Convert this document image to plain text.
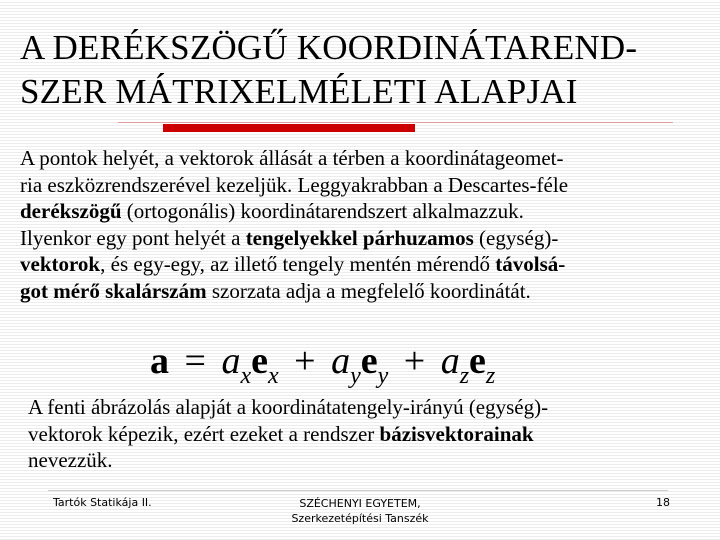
A DERÉKSZÖGŰ KOORDINÁTAREND-
SZER MÁTRIXELMÉLETI ALAPJAI
A pontok helyét, a vektorok állását a térben a koordinátageomet-
ria eszközrendszerével kezeljük. Leggyakrabban a Descartes-féle
derékszögű (ortogonális) koordinátarendszert alkalmazzuk.
Ilyenkor egy pont helyét a tengelyekkel párhuzamos (egység)-
vektorok, és egy-egy, az illető tengely mentén mérendő távolsá-
got mérő skalárszám szorzata adja a megfelelő koordinátát.
$a = a_xe_x + a_ye_y + a_ze_z$
A fenti ábrázolás alapját a koordinátatengely-irányú (egység)-
vektorok képezik, ezért ezeket a rendszer bázisvektorainak
nevezzük.
Tartók Statikája II.	SZÉCHENYI EGYETEM,
Szerkezetépítési Tanszék
18
